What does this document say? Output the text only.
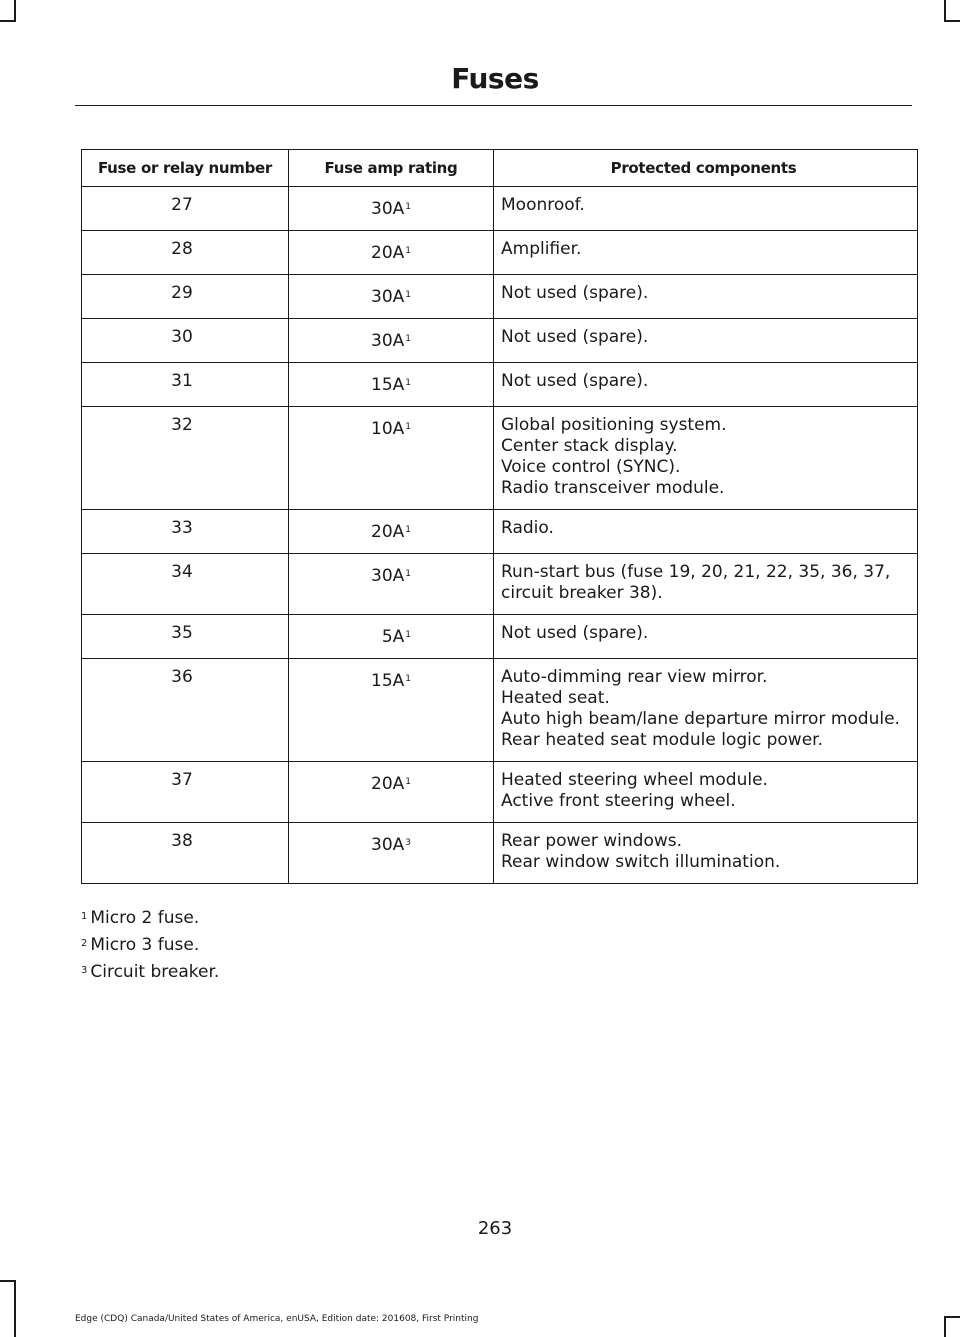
Fuses
Fuse or relay number	Fuse amp rating	Protected components
27	$30A^1$	Moonroof.

28	$20A^1$	Amplifier.

29	$30A^1$	Not used (spare).

30	$30A^1$	Not used (spare).

31	$15A^1$	Not used (spare).

32	$10A^1$	Global positioning system.
Center stack display.
Voice control (SYNC).
Radio transceiver module.

33	$20A^1$	Radio.

34	$30A^1$	Run-start bus (fuse 19, 20, 21, 22, 35, 36, 37, circuit breaker 38).

35	$5A^1$	Not used (spare).

36	$15A^1$	Auto-dimming rear view mirror.
Heated seat.
Auto high beam/lane departure mirror module.
Rear heated seat module logic power.

37	$20A^1$	Heated steering wheel module.
Active front steering wheel.

38	$30A^3$	Rear power windows.
Rear window switch illumination.
$^1$ Micro 2 fuse.
$^2$ Micro 3 fuse.
$^3$ Circuit breaker.
263
Edge (CDQ) Canada/United States of America, enUSA, Edition date: 201608, First Printing
